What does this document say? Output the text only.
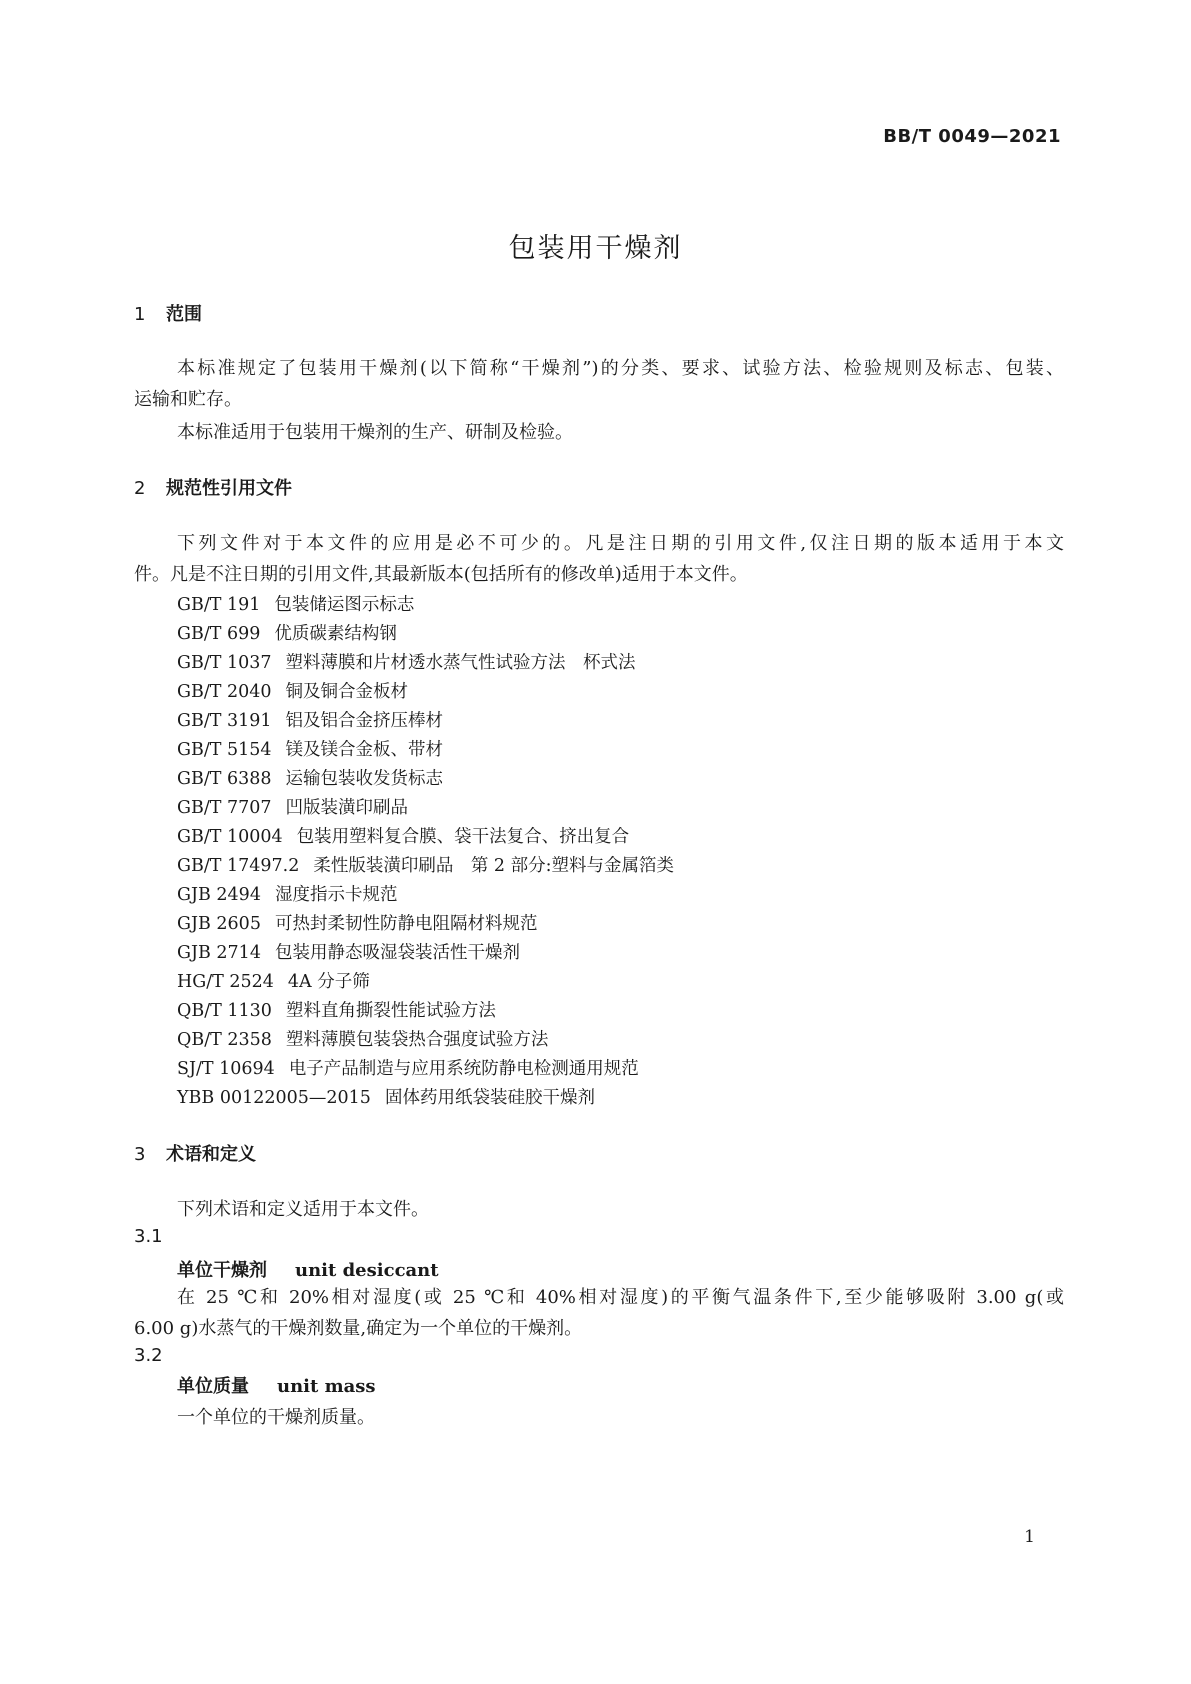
BB/T 0049—2021
包装用干燥剂
1 范围
本标准规定了包装用干燥剂(以下简称“干燥剂”)的分类、要求、试验方法、检验规则及标志、包装、
运输和贮存。
本标准适用于包装用干燥剂的生产、研制及检验。
2 规范性引用文件
下列文件对于本文件的应用是必不可少的。凡是注日期的引用文件,仅注日期的版本适用于本文
件。凡是不注日期的引用文件,其最新版本(包括所有的修改单)适用于本文件。
GB/T 191 包装储运图示标志
GB/T 699 优质碳素结构钢
GB/T 1037 塑料薄膜和片材透水蒸气性试验方法　杯式法
GB/T 2040 铜及铜合金板材
GB/T 3191 铝及铝合金挤压棒材
GB/T 5154 镁及镁合金板、带材
GB/T 6388 运输包装收发货标志
GB/T 7707 凹版装潢印刷品
GB/T 10004 包装用塑料复合膜、袋干法复合、挤出复合
GB/T 17497.2 柔性版装潢印刷品　第 2 部分:塑料与金属箔类
GJB 2494 湿度指示卡规范
GJB 2605 可热封柔韧性防静电阻隔材料规范
GJB 2714 包装用静态吸湿袋装活性干燥剂
HG/T 2524 4A 分子筛
QB/T 1130 塑料直角撕裂性能试验方法
QB/T 2358 塑料薄膜包装袋热合强度试验方法
SJ/T 10694 电子产品制造与应用系统防静电检测通用规范
YBB 00122005—2015 固体药用纸袋装硅胶干燥剂
3 术语和定义
下列术语和定义适用于本文件。
3.1
单位干燥剂 unit desiccant
在 25 ℃和 20%相对湿度(或 25 ℃和 40%相对湿度)的平衡气温条件下,至少能够吸附 3.00 g(或
6.00 g)水蒸气的干燥剂数量,确定为一个单位的干燥剂。
3.2
单位质量 unit mass
一个单位的干燥剂质量。
1
